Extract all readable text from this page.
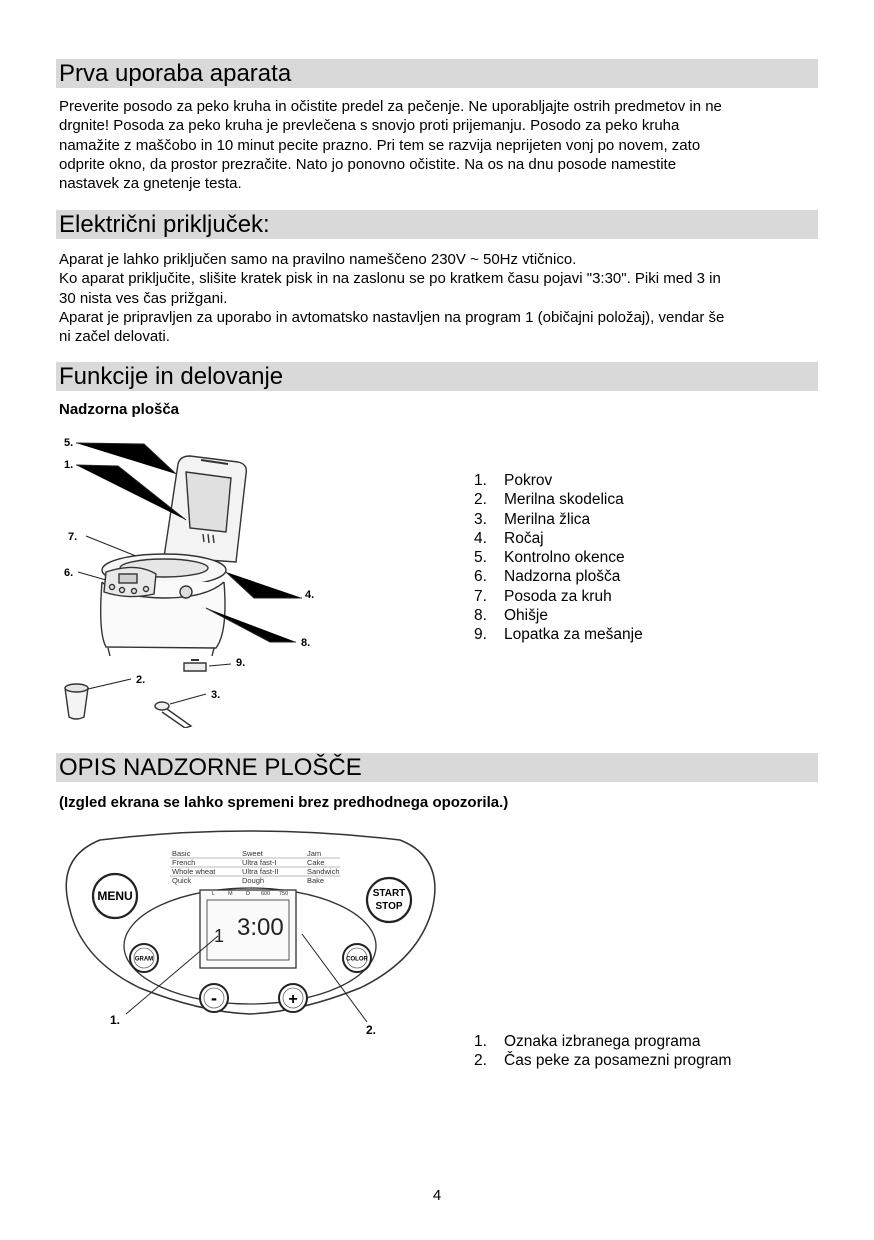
Prva uporaba aparata
Preverite posodo za peko kruha in očistite predel za pečenje. Ne uporabljajte ostrih predmetov in ne
drgnite! Posoda za peko kruha je prevlečena s snovjo proti prijemanju. Posodo za peko kruha
namažite z maščobo in 10 minut pecite prazno. Pri tem se razvija neprijeten vonj po novem, zato
odprite okno, da prostor prezračite. Nato jo ponovno očistite. Na os na dnu posode namestite
nastavek za gnetenje testa.
Električni priključek:
Aparat je lahko priključen samo na pravilno nameščeno 230V ~ 50Hz vtičnico.
Ko aparat priključite, slišite kratek pisk in na zaslonu se po kratkem času pojavi "3:30". Piki med 3 in
30 nista ves čas prižgani.
Aparat je pripravljen za uporabo in avtomatsko nastavljen na program 1 (običajni položaj), vendar še
ni začel delovati.
Funkcije in delovanje

Nadzorna plošča

5.
1.
7.
6.
4.
8.
9.
2.
3.
1.	Pokrov
2.	Merilna skodelica
3.	Merilna žlica
4.	Ročaj
5.	Kontrolno okence
6.	Nadzorna plošča
7.	Posoda za kruh
8.	Ohišje
9.	Lopatka za mešanje
OPIS NADZORNE PLOŠČE

(Izgled ekrana se lahko spremeni brez predhodnega opozorila.)

Basic	Sweet	Jam
French	Ultra fast-I	Cake
Whole wheat	Ultra fast-II	Sandwich
Quick	Dough	Bake
L M D 600 750
1 3:00
MENU	START
STOP
GRAM	COLOR
-	+
1.
2.
1.	Oznaka izbranega programa
2.	Čas peke za posamezni program
4
